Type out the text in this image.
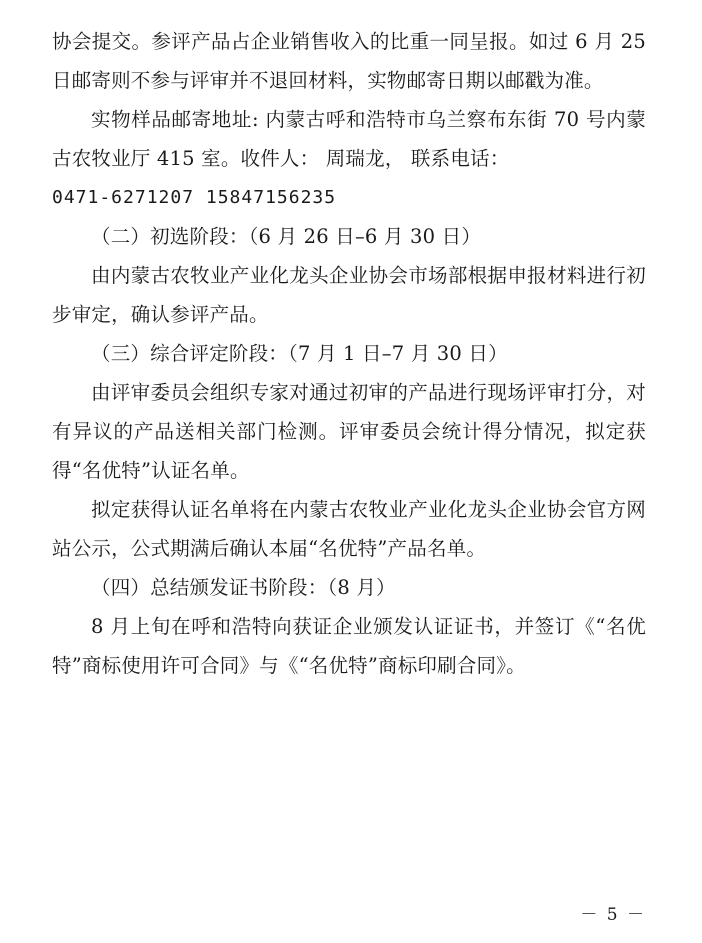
协会提交。参评产品占企业销售收入的比重一同呈报。如过 6 月 25 日邮寄则不参与评审并不退回材料，实物邮寄日期以邮戳为准。

实物样品邮寄地址: 内蒙古呼和浩特市乌兰察布东街 70 号内蒙古农牧业厅 415 室。收件人： 周瑞龙， 联系电话：

0471-6271207 15847156235

（二）初选阶段：（6 月 26 日–6 月 30 日）

由内蒙古农牧业产业化龙头企业协会市场部根据申报材料进行初步审定，确认参评产品。

（三）综合评定阶段：（7 月 1 日–7 月 30 日）

由评审委员会组织专家对通过初审的产品进行现场评审打分，对有异议的产品送相关部门检测。评审委员会统计得分情况，拟定获得“名优特”认证名单。

拟定获得认证名单将在内蒙古农牧业产业化龙头企业协会官方网站公示，公式期满后确认本届“名优特”产品名单。

（四）总结颁发证书阶段：（8 月）

8 月上旬在呼和浩特向获证企业颁发认证证书，并签订《“名优特”商标使用许可合同》与《“名优特”商标印刷合同》。

－ 5 －
